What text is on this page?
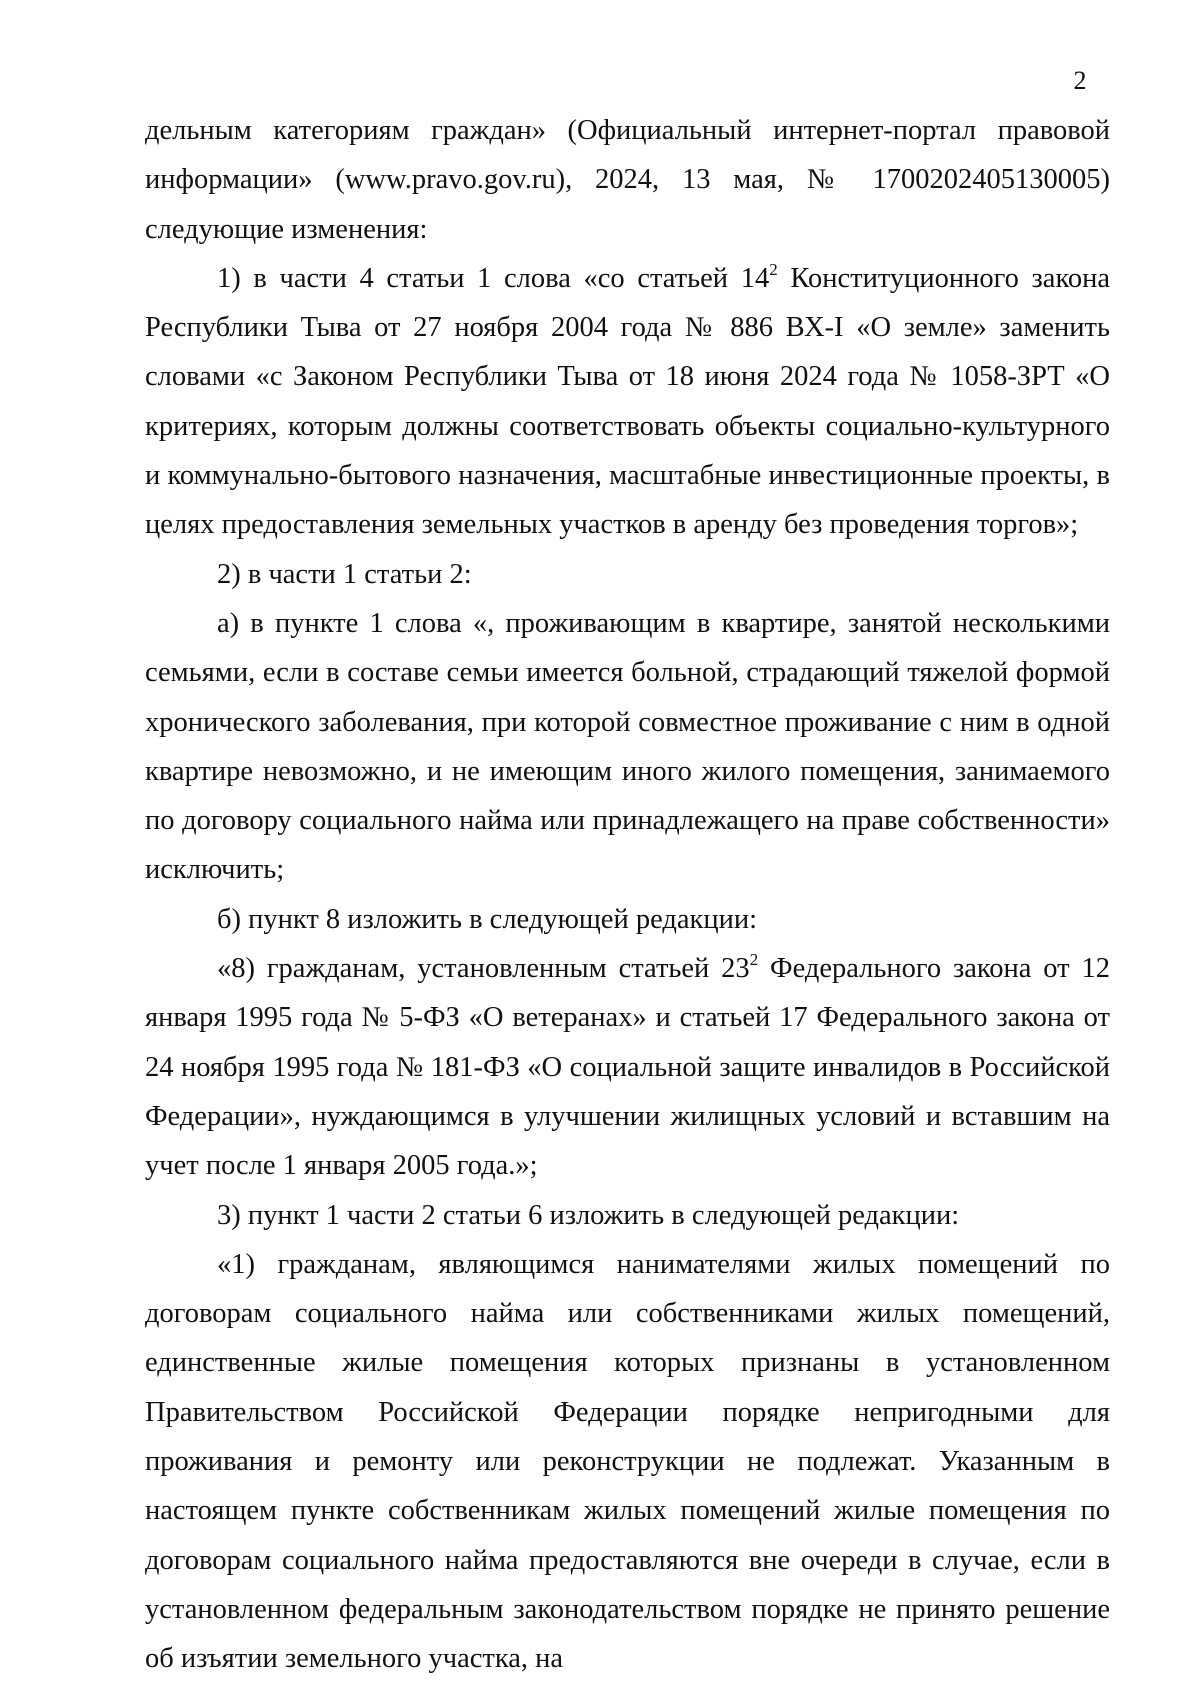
2

дельным категориям граждан» (Официальный интернет-портал правовой информации» (www.pravo.gov.ru), 2024, 13 мая, № 1700202405130005) следующие изменения:

1) в части 4 статьи 1 слова «со статьей $14^2$ Конституционного закона Республики Тыва от 27 ноября 2004 года № 886 ВХ-I «О земле» заменить словами «с Законом Республики Тыва от 18 июня 2024 года № 1058-ЗРТ «О критериях, которым должны соответствовать объекты социально-культурного и коммунально-бытового назначения, масштабные инвестиционные проекты, в целях предоставления земельных участков в аренду без проведения торгов»;

2) в части 1 статьи 2:

а) в пункте 1 слова «, проживающим в квартире, занятой несколькими семьями, если в составе семьи имеется больной, страдающий тяжелой формой хронического заболевания, при которой совместное проживание с ним в одной квартире невозможно, и не имеющим иного жилого помещения, занимаемого по договору социального найма или принадлежащего на праве собственности» исключить;

б) пункт 8 изложить в следующей редакции:

«8) гражданам, установленным статьей $23^2$ Федерального закона от 12 января 1995 года № 5-ФЗ «О ветеранах» и статьей 17 Федерального закона от 24 ноября 1995 года № 181-ФЗ «О социальной защите инвалидов в Российской Федерации», нуждающимся в улучшении жилищных условий и вставшим на учет после 1 января 2005 года.»;

3) пункт 1 части 2 статьи 6 изложить в следующей редакции:

«1) гражданам, являющимся нанимателями жилых помещений по договорам социального найма или собственниками жилых помещений, единственные жилые помещения которых признаны в установленном Правительством Российской Федерации порядке непригодными для проживания и ремонту или реконструкции не подлежат. Указанным в настоящем пункте собственникам жилых помещений жилые помещения по договорам социального найма предоставляются вне очереди в случае, если в установленном федеральным законодательством порядке не принято решение об изъятии земельного участка, на
